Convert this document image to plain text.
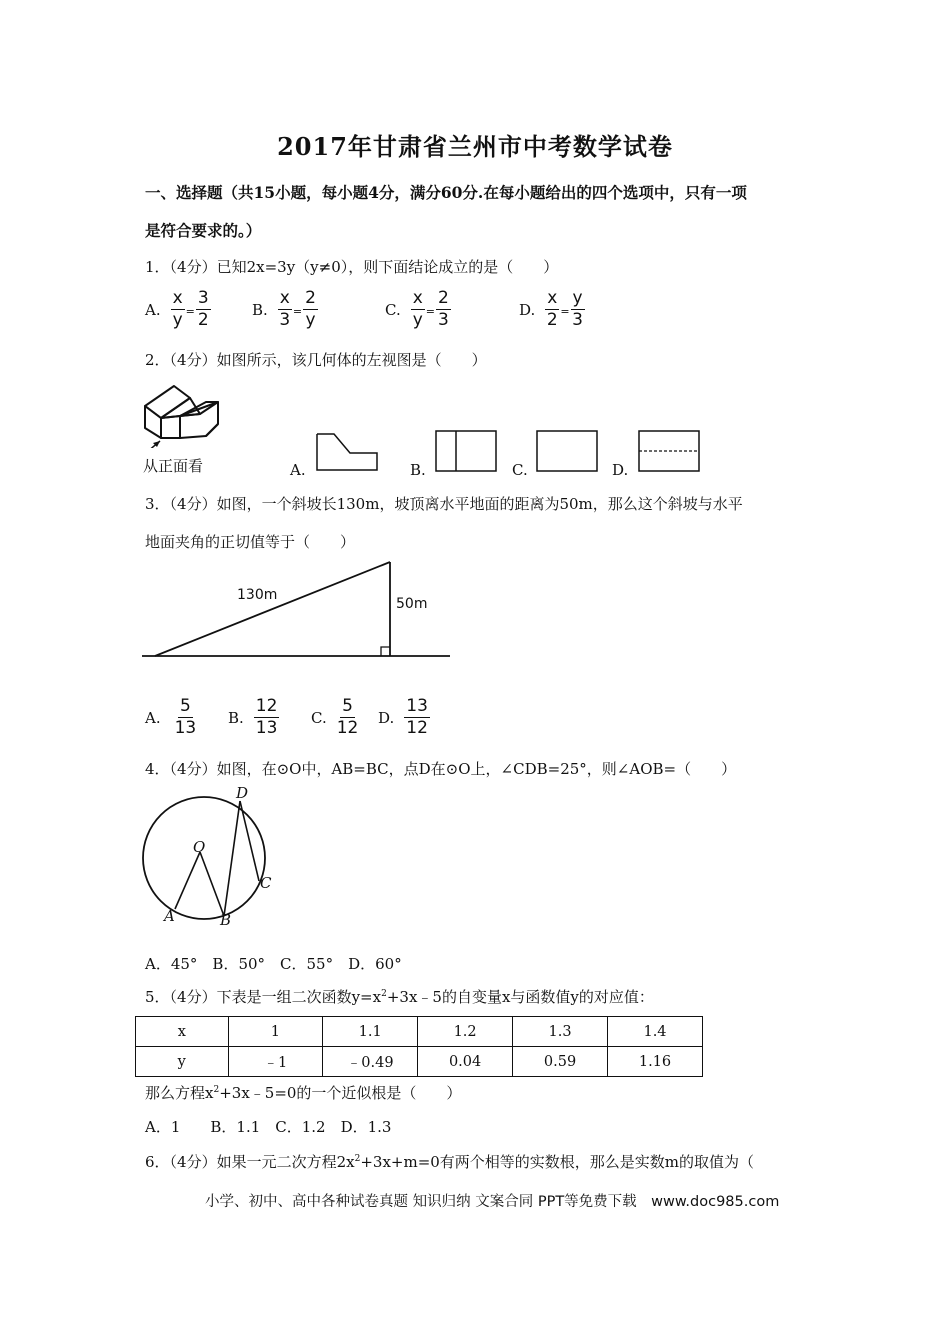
2017年甘肃省兰州市中考数学试卷
一、选择题（共15小题，每小题4分，满分60分.在每小题给出的四个选项中，只有一项
是符合要求的。）
1．（4分）已知2x=3y（y≠0），则下面结论成立的是（　　）
A. $\frac{x}{y} = \frac{3}{2}$	B. $\frac{x}{3} = \frac{2}{y}$	C. $\frac{x}{y} = \frac{2}{3}$	D. $\frac{x}{2} = \frac{y}{3}$
2．（4分）如图所示，该几何体的左视图是（　　）
从正面看	A.	B.	C.	D.
3．（4分）如图，一个斜坡长130m，坡顶离水平地面的距离为50m，那么这个斜坡与水平
地面夹角的正切值等于（　　）
130m
50m
A. $\frac{5}{13} B$. $\frac{12}{13} C$. $\frac{5}{12} D$. $\frac{13}{12}$
4．（4分）如图，在⊙O中，AB=BC，点D在⊙O上，∠CDB=25°，则∠AOB=（　　）
O
D
C
A	B
A．45°　B．50°　C．55°　D．60°
5．（4分）下表是一组二次函数$y=x^2+3x﹣5$的自变量x与函数值y的对应值：
x	1	1.1	1.2	1.3	1.4
y	﹣1	﹣0.49	0.04	0.59	1.16
那么方程$x^2+3x﹣5=0$的一个近似根是（　　）
A．1　　B．1.1　C．1.2　D．1.3
6．（4分）如果一元二次方程$2x^2+3x+m=0$有两个相等的实数根，那么是实数m的取值为（
小学、初中、高中各种试卷真题 知识归纳 文案合同 PPT等免费下载　www.doc985.com
